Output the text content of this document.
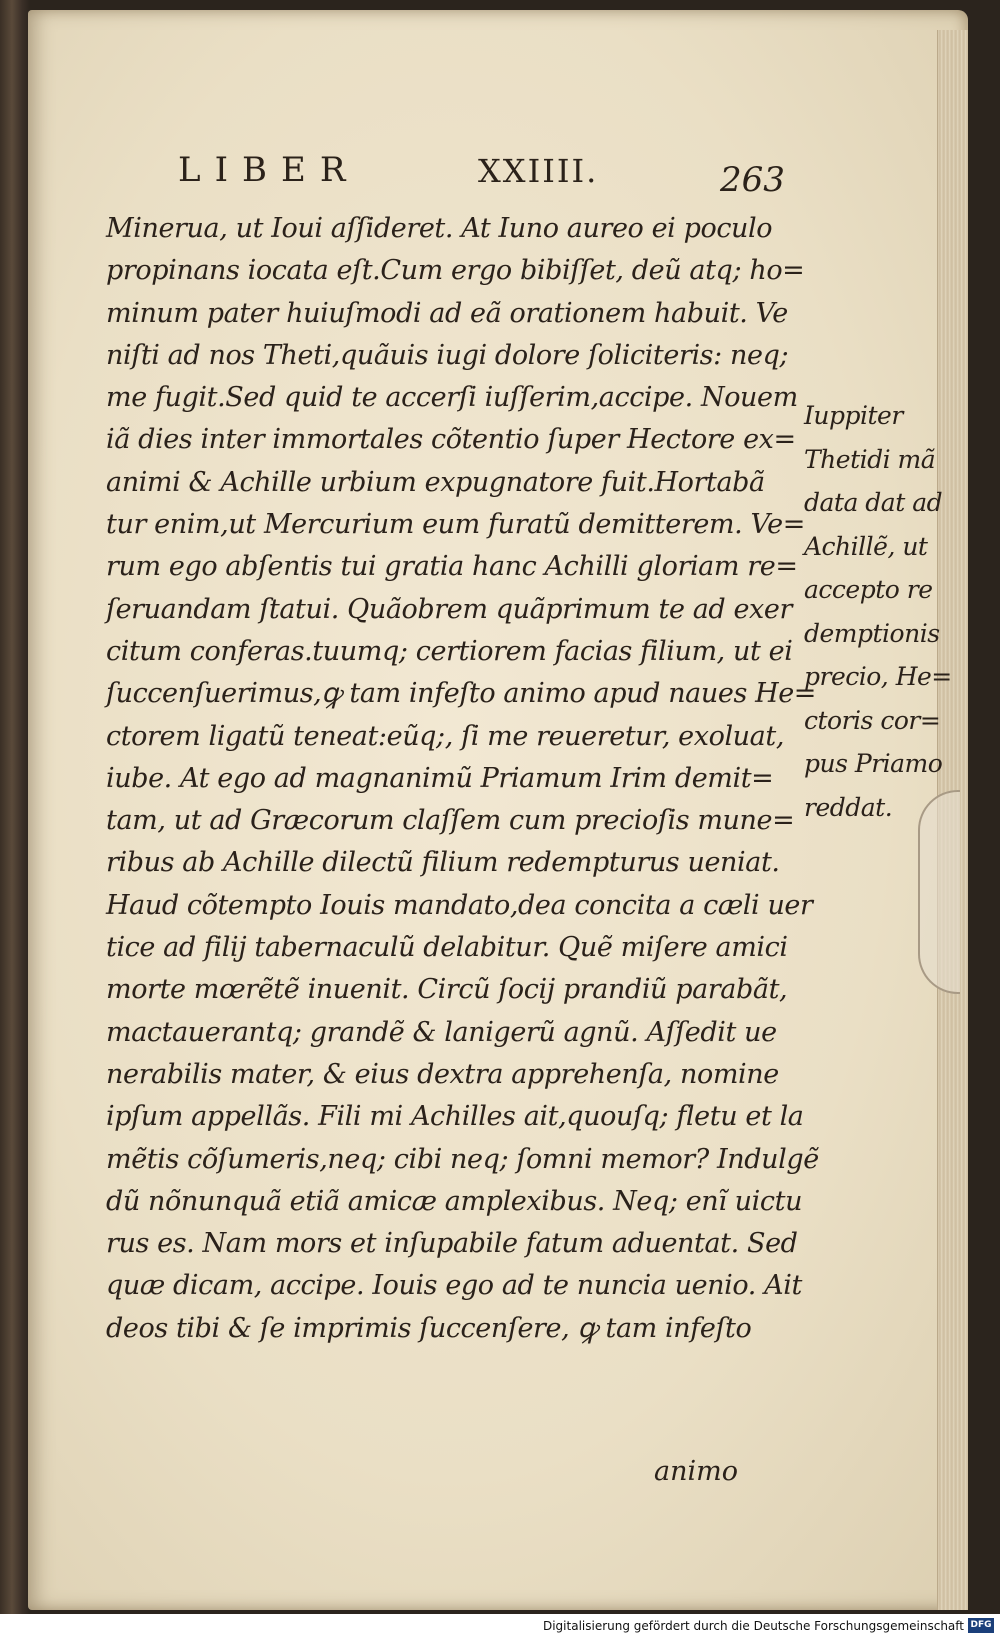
LIBER	XXIIII.	263
Minerua, ut Ioui aſſideret. At Iuno aureo ei poculo
propinans iocata eſt.Cum ergo bibiſſet, deũ atq; ho=
minum pater huiuſmodi ad eã orationem habuit. Ve
niſti ad nos Theti,quãuis iugi dolore ſoliciteris: neq;
me fugit.Sed quid te accerſi iuſſerim,accipe. Nouem
iã dies inter immortales cõtentio ſuper Hectore ex=
animi & Achille urbium expugnatore fuit.Hortabã
tur enim,ut Mercurium eum furatũ demitterem. Ve=
rum ego abſentis tui gratia hanc Achilli gloriam re=
ſeruandam ſtatui. Quãobrem quãprimum te ad exer
citum conferas.tuumq; certiorem facias filium, ut ei
ſuccenſuerimus,ꝙ tam infeſto animo apud naues He=
ctorem ligatũ teneat:eũq;, ſi me reueretur, exoluat,
iube. At ego ad magnanimũ Priamum Irim demit=
tam, ut ad Græcorum claſſem cum precioſis mune=
ribus ab Achille dilectũ filium redempturus ueniat.
Haud cõtempto Iouis mandato,dea concita a cæli uer
tice ad filij tabernaculũ delabitur. Quẽ miſere amici
morte mœrẽtẽ inuenit. Circũ ſocij prandiũ parabãt,
mactauerantq; grandẽ & lanigerũ agnũ. Aſſedit ue
nerabilis mater, & eius dextra apprehenſa, nomine
ipſum appellãs. Fili mi Achilles ait,quouſq; fletu et la
mẽtis cõſumeris,neq; cibi neq; ſomni memor? Indulgẽ
dũ nõnunquã etiã amicæ amplexibus. Neq; enĩ uictu
rus es. Nam mors et inſupabile fatum aduentat. Sed
quæ dicam, accipe. Iouis ego ad te nuncia uenio. Ait
deos tibi & ſe imprimis ſuccenſere, ꝙ tam infeſto
animo
Iuppiter
Thetidi mã
data dat ad
Achillẽ, ut
accepto re
demptionis
precio, He=
ctoris cor=
pus Priamo
reddat.
Digitalisierung gefördert durch die Deutsche Forschungsgemeinschaft DFG
